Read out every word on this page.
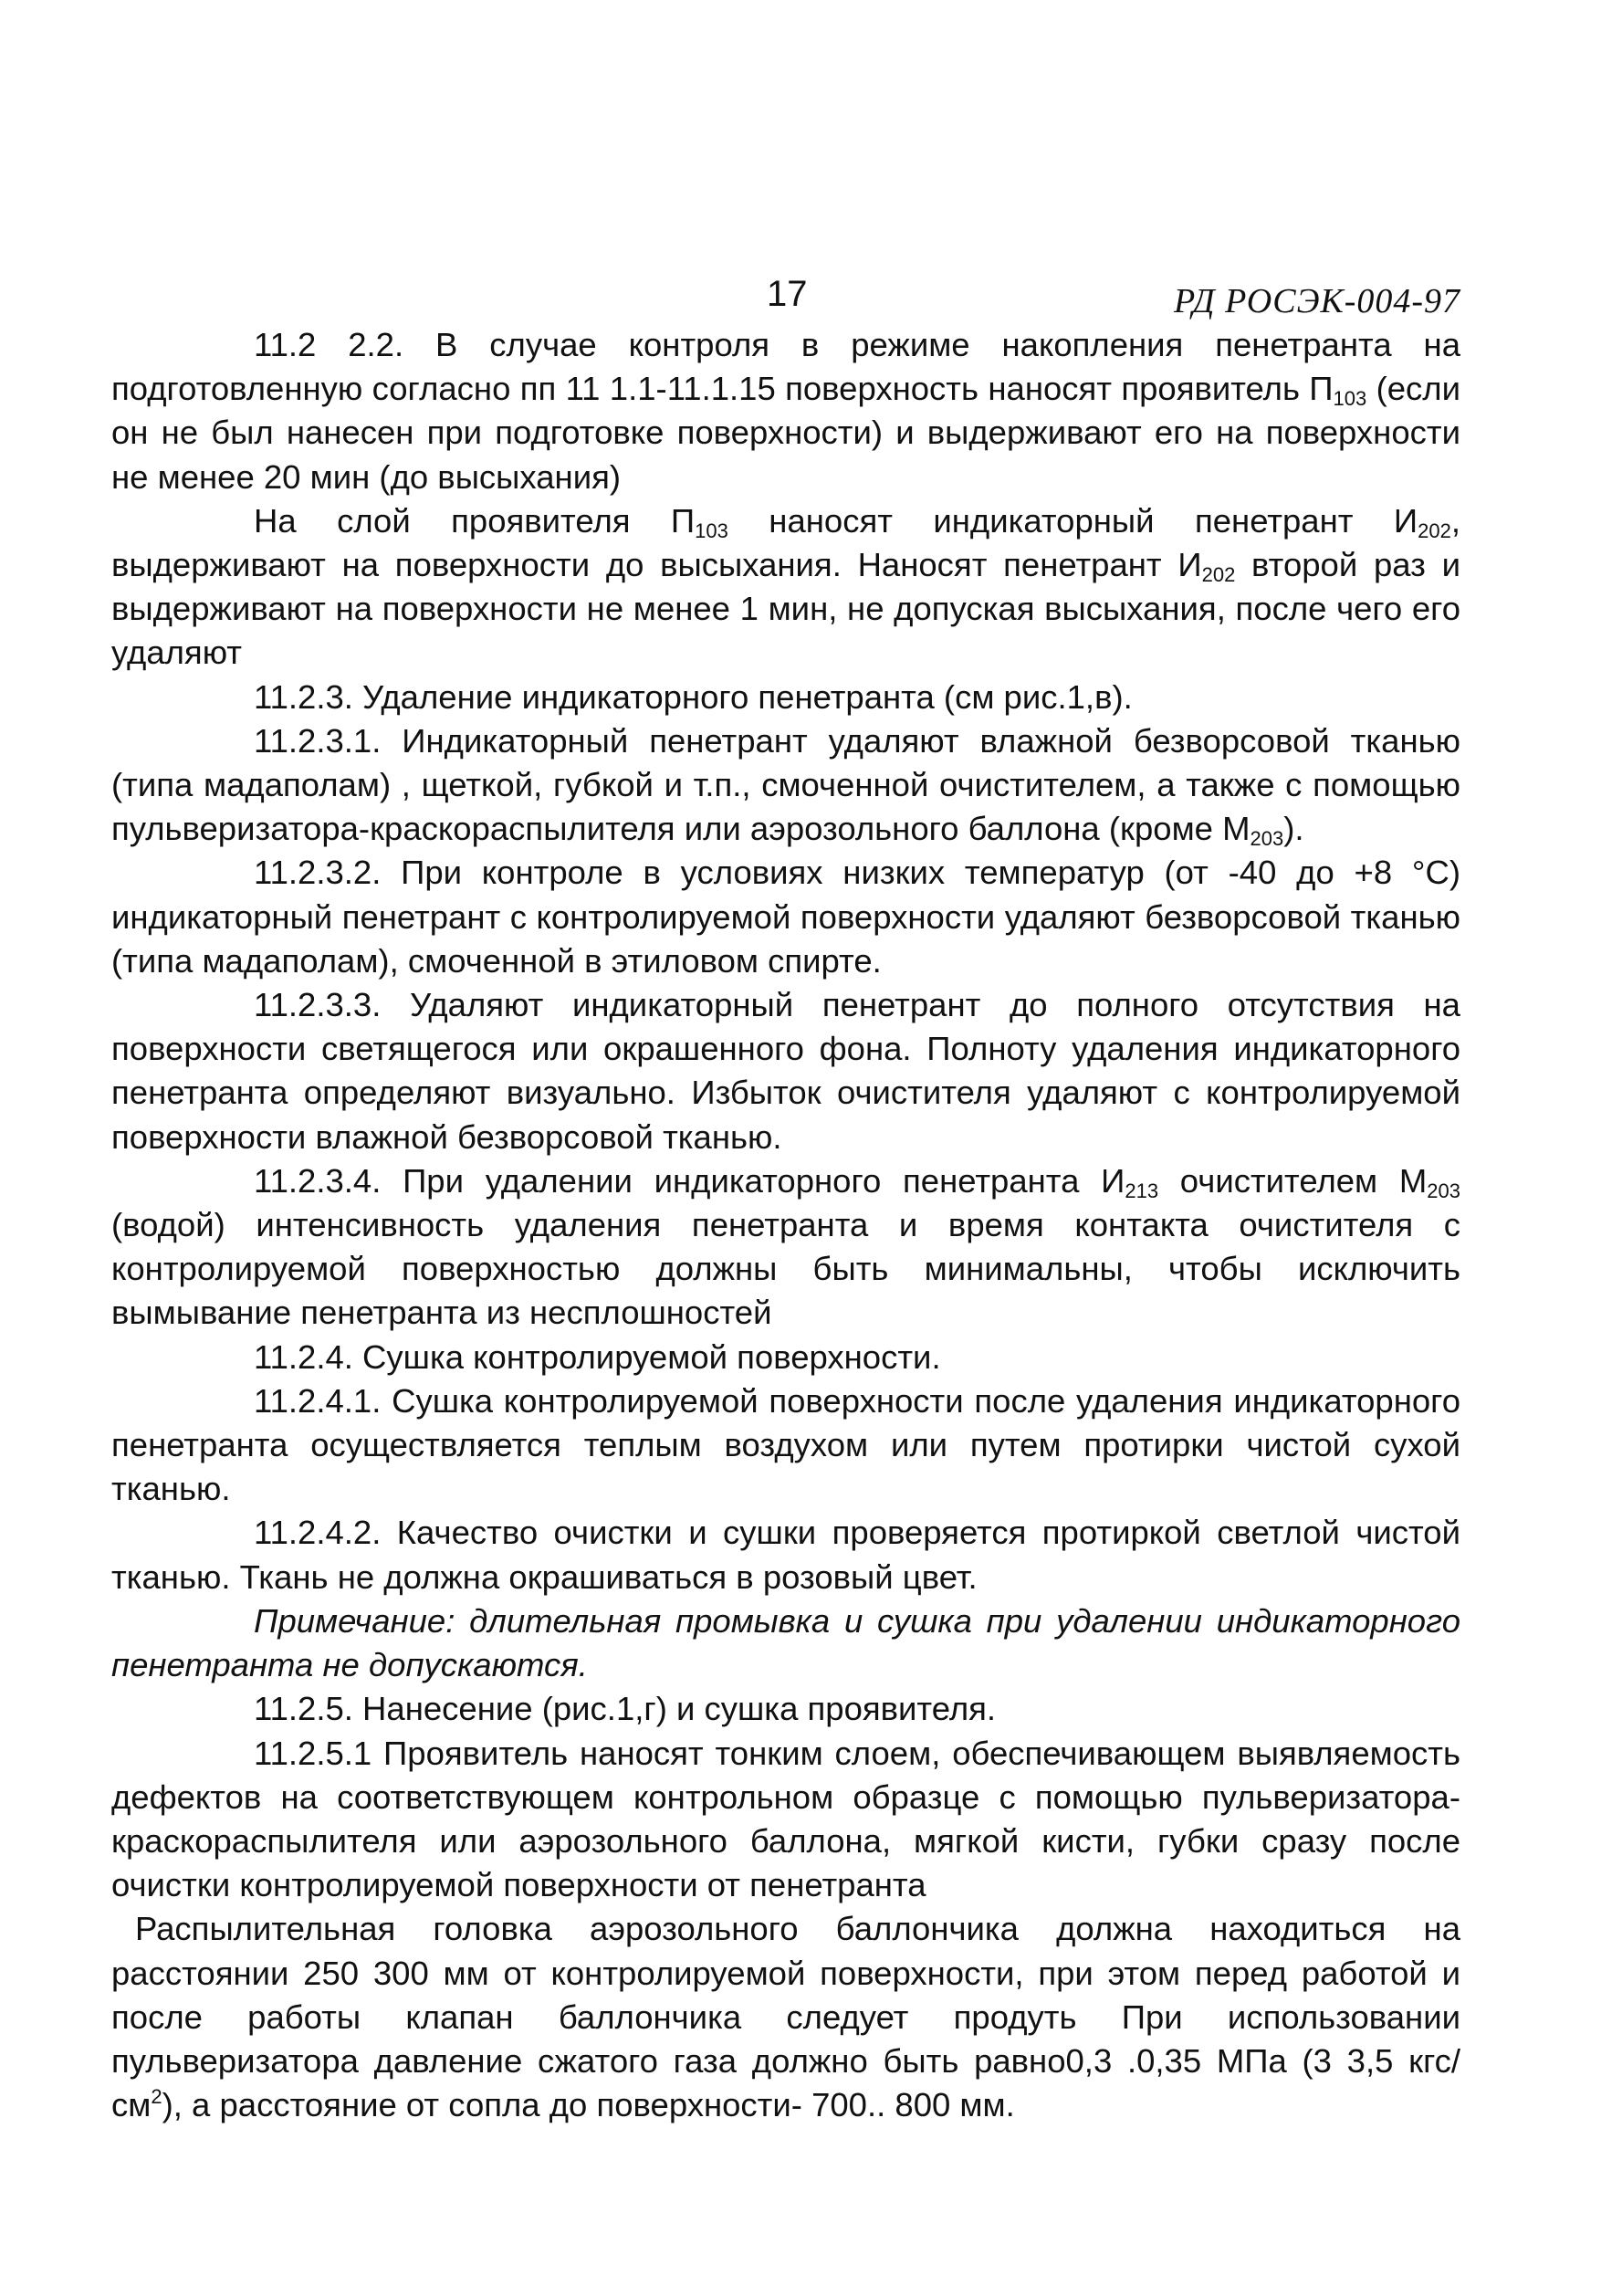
17	РД РОСЭК-004-97

11.2 2.2. В случае контроля в режиме накопления пенетранта на подготовленную согласно пп 11 1.1-11.1.15 поверхность наносят проявитель $П_{103}$ (если он не был нанесен при подготовке поверхности) и выдерживают его на поверхности не менее 20 мин (до высыхания)

На слой проявителя $П_{103}$ наносят индикаторный пенетрант $И_{202}$, выдерживают на поверхности до высыхания. Наносят пенетрант $И_{202}$ второй раз и выдерживают на поверхности не менее 1 мин, не допуская высыхания, после чего его удаляют

11.2.3. Удаление индикаторного пенетранта (см рис.1,в).

11.2.3.1. Индикаторный пенетрант удаляют влажной безворсовой тканью (типа мадаполам) , щеткой, губкой и т.п., смоченной очистителем, а также с помощью пульверизатора-краскораспылителя или аэрозольного баллона (кроме $М_{203}$).

11.2.3.2. При контроле в условиях низких температур (от -40 до +8 °С) индикаторный пенетрант с контролируемой поверхности удаляют безворсовой тканью (типа мадаполам), смоченной в этиловом спирте.

11.2.3.3. Удаляют индикаторный пенетрант до полного отсутствия на поверхности светящегося или окрашенного фона. Полноту удаления индикаторного пенетранта определяют визуально. Избыток очистителя удаляют с контролируемой поверхности влажной безворсовой тканью.

11.2.3.4. При удалении индикаторного пенетранта $И_{213}$ очистителем $М_{203}$ (водой) интенсивность удаления пенетранта и время контакта очистителя с контролируемой поверхностью должны быть минимальны, чтобы исключить вымывание пенетранта из несплошностей

11.2.4. Сушка контролируемой поверхности.

11.2.4.1. Сушка контролируемой поверхности после удаления индикаторного пенетранта осуществляется теплым воздухом или путем протирки чистой сухой тканью.

11.2.4.2. Качество очистки и сушки проверяется протиркой светлой чистой тканью. Ткань не должна окрашиваться в розовый цвет.

Примечание: длительная промывка и сушка при удалении индикаторного пенетранта не допускаются.

11.2.5. Нанесение (рис.1,г) и сушка проявителя.

11.2.5.1 Проявитель наносят тонким слоем, обеспечивающем выявляемость дефектов на соответствующем контрольном образце с помощью пульверизатора-краскораспылителя или аэрозольного баллона, мягкой кисти, губки сразу после очистки контролируемой поверхности от пенетранта

Распылительная головка аэрозольного баллончика должна находиться на расстоянии 250 300 мм от контролируемой поверхности, при этом перед работой и после работы клапан баллончика следует продуть При использовании пульверизатора давление сжатого газа должно быть равно0,3 .0,35 МПа (3 3,5 кгс/$см^2$), а расстояние от сопла до поверхности- 700.. 800 мм.
